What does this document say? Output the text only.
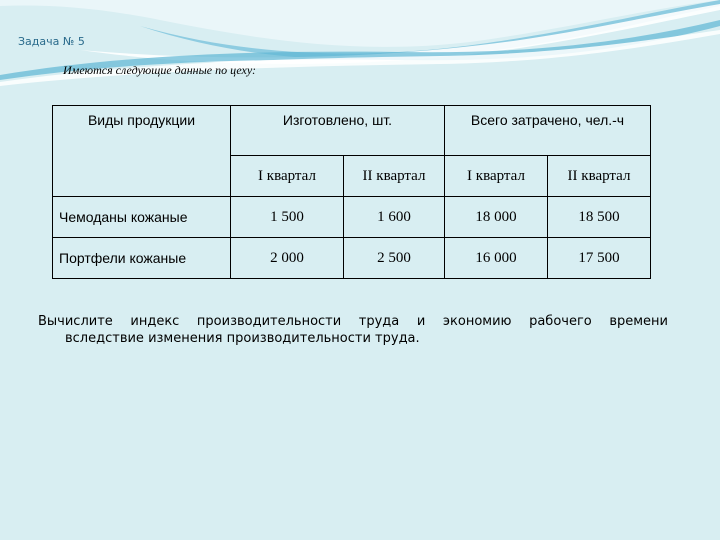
Задача № 5
Имеются следующие данные по цеху:
Виды продукции	Изготовлено, шт.		Всего затрачено, чел.-ч	
	I квартал	II квартал	I квартал	II квартал
Чемоданы кожаные	1 500	1 600	18 000	18 500
Портфели кожаные	2 000	2 500	16 000	17 500
Вычислите индекс производительности труда и экономию рабочего времени
вследствие изменения производительности труда.
